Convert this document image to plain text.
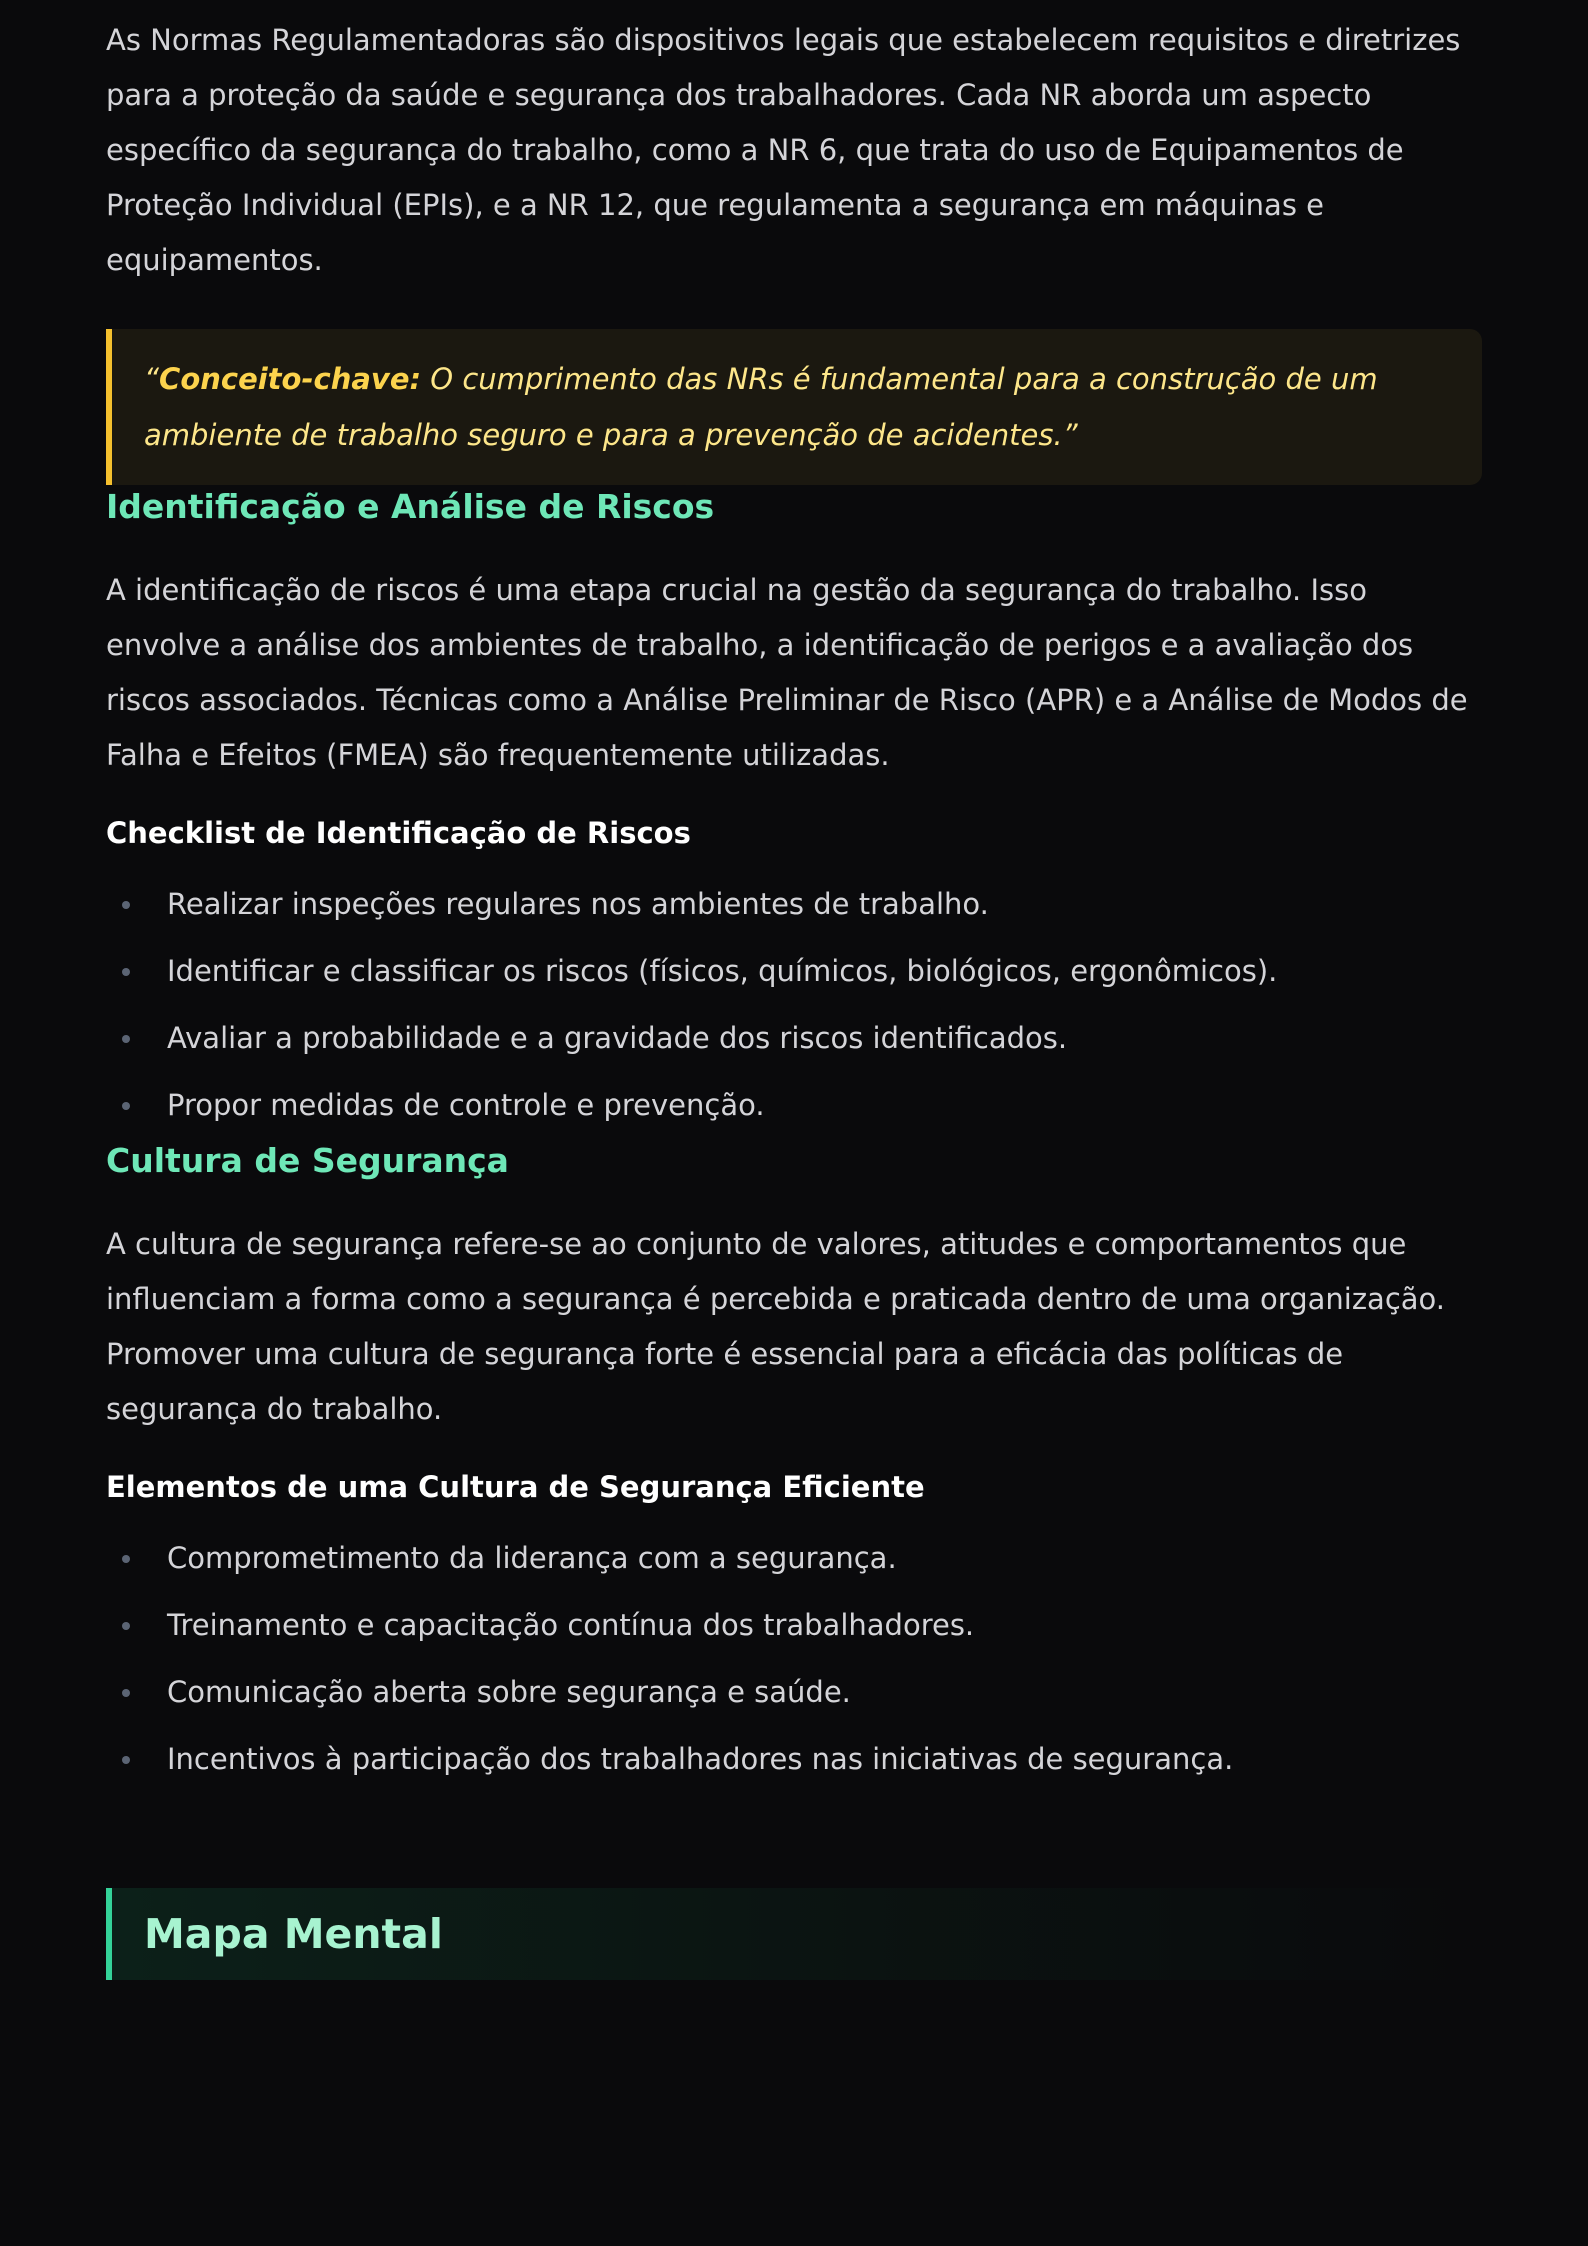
As Normas Regulamentadoras são dispositivos legais que estabelecem requisitos e diretrizes para a proteção da saúde e segurança dos trabalhadores. Cada NR aborda um aspecto específico da segurança do trabalho, como a NR 6, que trata do uso de Equipamentos de Proteção Individual (EPIs), e a NR 12, que regulamenta a segurança em máquinas e equipamentos.

“Conceito-chave: O cumprimento das NRs é fundamental para a construção de um ambiente de trabalho seguro e para a prevenção de acidentes.”

Identificação e Análise de Riscos

A identificação de riscos é uma etapa crucial na gestão da segurança do trabalho. Isso envolve a análise dos ambientes de trabalho, a identificação de perigos e a avaliação dos riscos associados. Técnicas como a Análise Preliminar de Risco (APR) e a Análise de Modos de Falha e Efeitos (FMEA) são frequentemente utilizadas.

Checklist de Identificação de Riscos
Realizar inspeções regulares nos ambientes de trabalho.
Identificar e classificar os riscos (físicos, químicos, biológicos, ergonômicos).
Avaliar a probabilidade e a gravidade dos riscos identificados.
Propor medidas de controle e prevenção.
Cultura de Segurança

A cultura de segurança refere-se ao conjunto de valores, atitudes e comportamentos que influenciam a forma como a segurança é percebida e praticada dentro de uma organização. Promover uma cultura de segurança forte é essencial para a eficácia das políticas de segurança do trabalho.

Elementos de uma Cultura de Segurança Eficiente
Comprometimento da liderança com a segurança.
Treinamento e capacitação contínua dos trabalhadores.
Comunicação aberta sobre segurança e saúde.
Incentivos à participação dos trabalhadores nas iniciativas de segurança.
Mapa Mental
